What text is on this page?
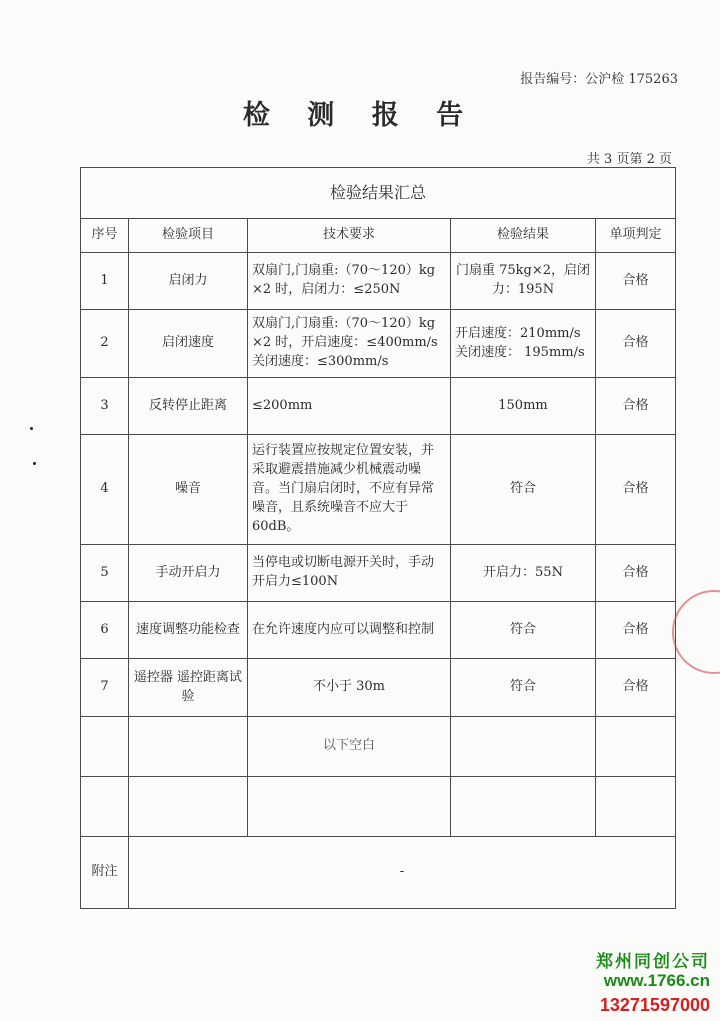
报告编号：公沪检 175263
检 测 报 告
共 3 页第 2 页
检验结果汇总				
序号	检验项目	技术要求	检验结果	单项判定
1	启闭力	双扇门,门扇重:（70～120）kg ×2 时，启闭力：≤250N	门扇重 75kg×2，启闭力：195N	合格
2	启闭速度	双扇门,门扇重:（70～120）kg ×2 时，开启速度：≤400mm/s 关闭速度：≤300mm/s	开启速度：210mm/s 关闭速度： 195mm/s	合格
3	反转停止距离	≤200mm	150mm	合格
4	噪音	运行装置应按规定位置安装，并采取避震措施减少机械震动噪音。当门扇启闭时，不应有异常噪音，且系统噪音不应大于 60dB。	符合	合格
5	手动开启力	当停电或切断电源开关时，手动开启力≤100N	开启力：55N	合格
6	速度调整功能检查	在允许速度内应可以调整和控制	符合	合格
7	遥控器 遥控距离试验	不小于 30m	符合	合格
		以下空白		

附注	-			
郑州同创公司
www.1766.cn
13271597000
